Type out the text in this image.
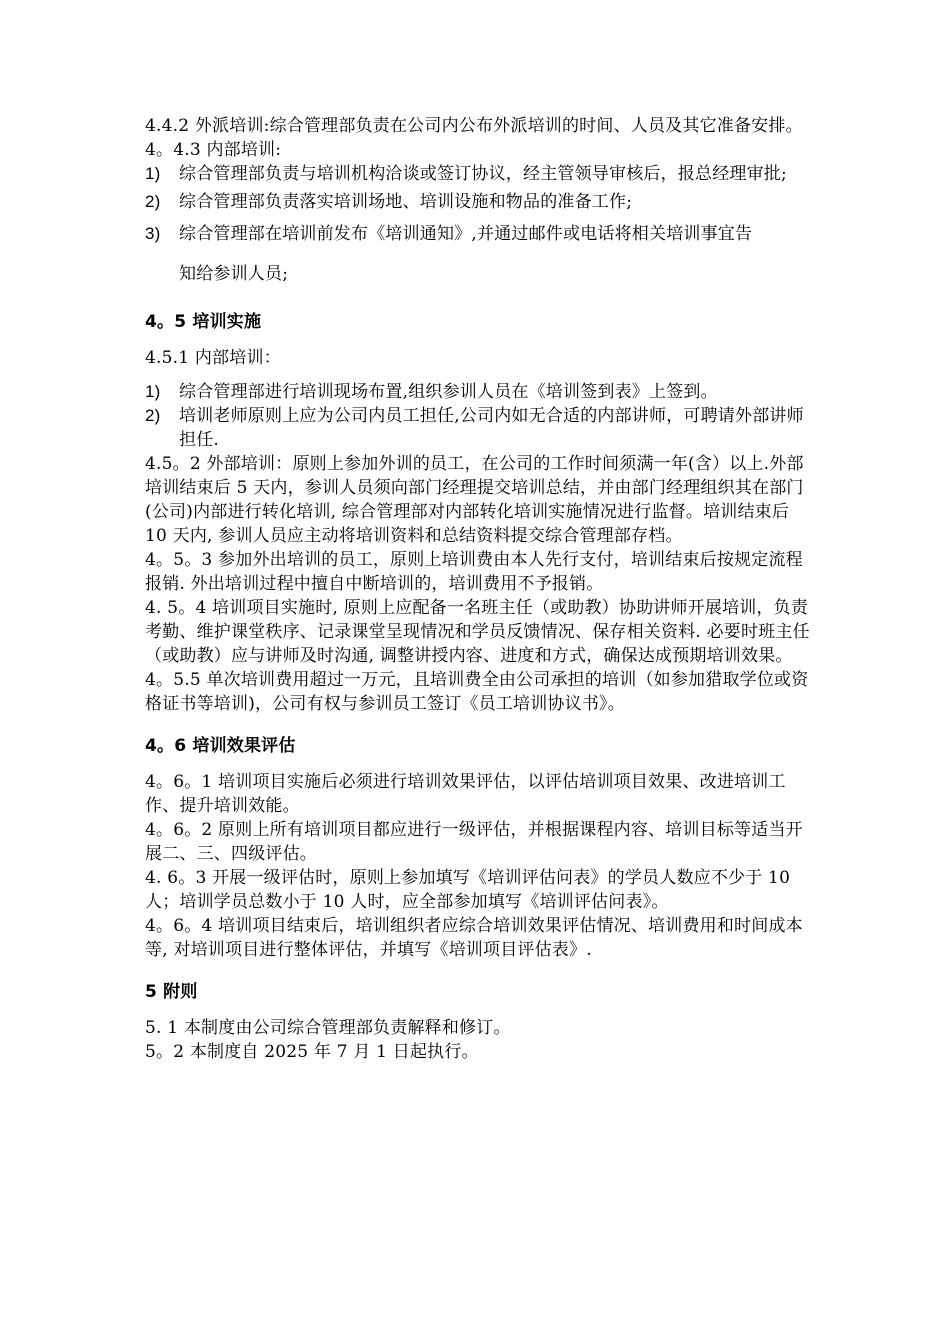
4.4.2 外派培训:综合管理部负责在公司内公布外派培训的时间、人员及其它准备安排。

4。4.3 内部培训:

1) 综合管理部负责与培训机构洽谈或签订协议，经主管领导审核后，报总经理审批;

2) 综合管理部负责落实培训场地、培训设施和物品的准备工作;

3) 综合管理部在培训前发布《培训通知》,并通过邮件或电话将相关培训事宜告

知给参训人员;

4。5 培训实施

4.5.1 内部培训：

1) 综合管理部进行培训现场布置,组织参训人员在《培训签到表》上签到。

2) 培训老师原则上应为公司内员工担任,公司内如无合适的内部讲师，可聘请外部讲师担任.

4.5。2 外部培训：原则上参加外训的员工，在公司的工作时间须满一年(含）以上.外部培训结束后 5 天内，参训人员须向部门经理提交培训总结，并由部门经理组织其在部门(公司)内部进行转化培训, 综合管理部对内部转化培训实施情况进行监督。培训结束后 10 天内, 参训人员应主动将培训资料和总结资料提交综合管理部存档。

4。5。3 参加外出培训的员工，原则上培训费由本人先行支付，培训结束后按规定流程报销. 外出培训过程中擅自中断培训的，培训费用不予报销。

4. 5。4 培训项目实施时, 原则上应配备一名班主任（或助教）协助讲师开展培训，负责考勤、维护课堂秩序、记录课堂呈现情况和学员反馈情况、保存相关资料. 必要时班主任（或助教）应与讲师及时沟通, 调整讲授内容、进度和方式，确保达成预期培训效果。

4。5.5 单次培训费用超过一万元，且培训费全由公司承担的培训（如参加猎取学位或资格证书等培训)，公司有权与参训员工签订《员工培训协议书》。

4。6 培训效果评估

4。6。1 培训项目实施后必须进行培训效果评估，以评估培训项目效果、改进培训工作、提升培训效能。

4。6。2 原则上所有培训项目都应进行一级评估，并根据课程内容、培训目标等适当开展二、三、四级评估。

4. 6。3 开展一级评估时，原则上参加填写《培训评估问表》的学员人数应不少于 10 人；培训学员总数小于 10 人时，应全部参加填写《培训评估问表》。

4。6。4 培训项目结束后，培训组织者应综合培训效果评估情况、培训费用和时间成本等, 对培训项目进行整体评估，并填写《培训项目评估表》.

5 附则

5. 1 本制度由公司综合管理部负责解释和修订。

5。2 本制度自 2025 年 7 月 1 日起执行。
